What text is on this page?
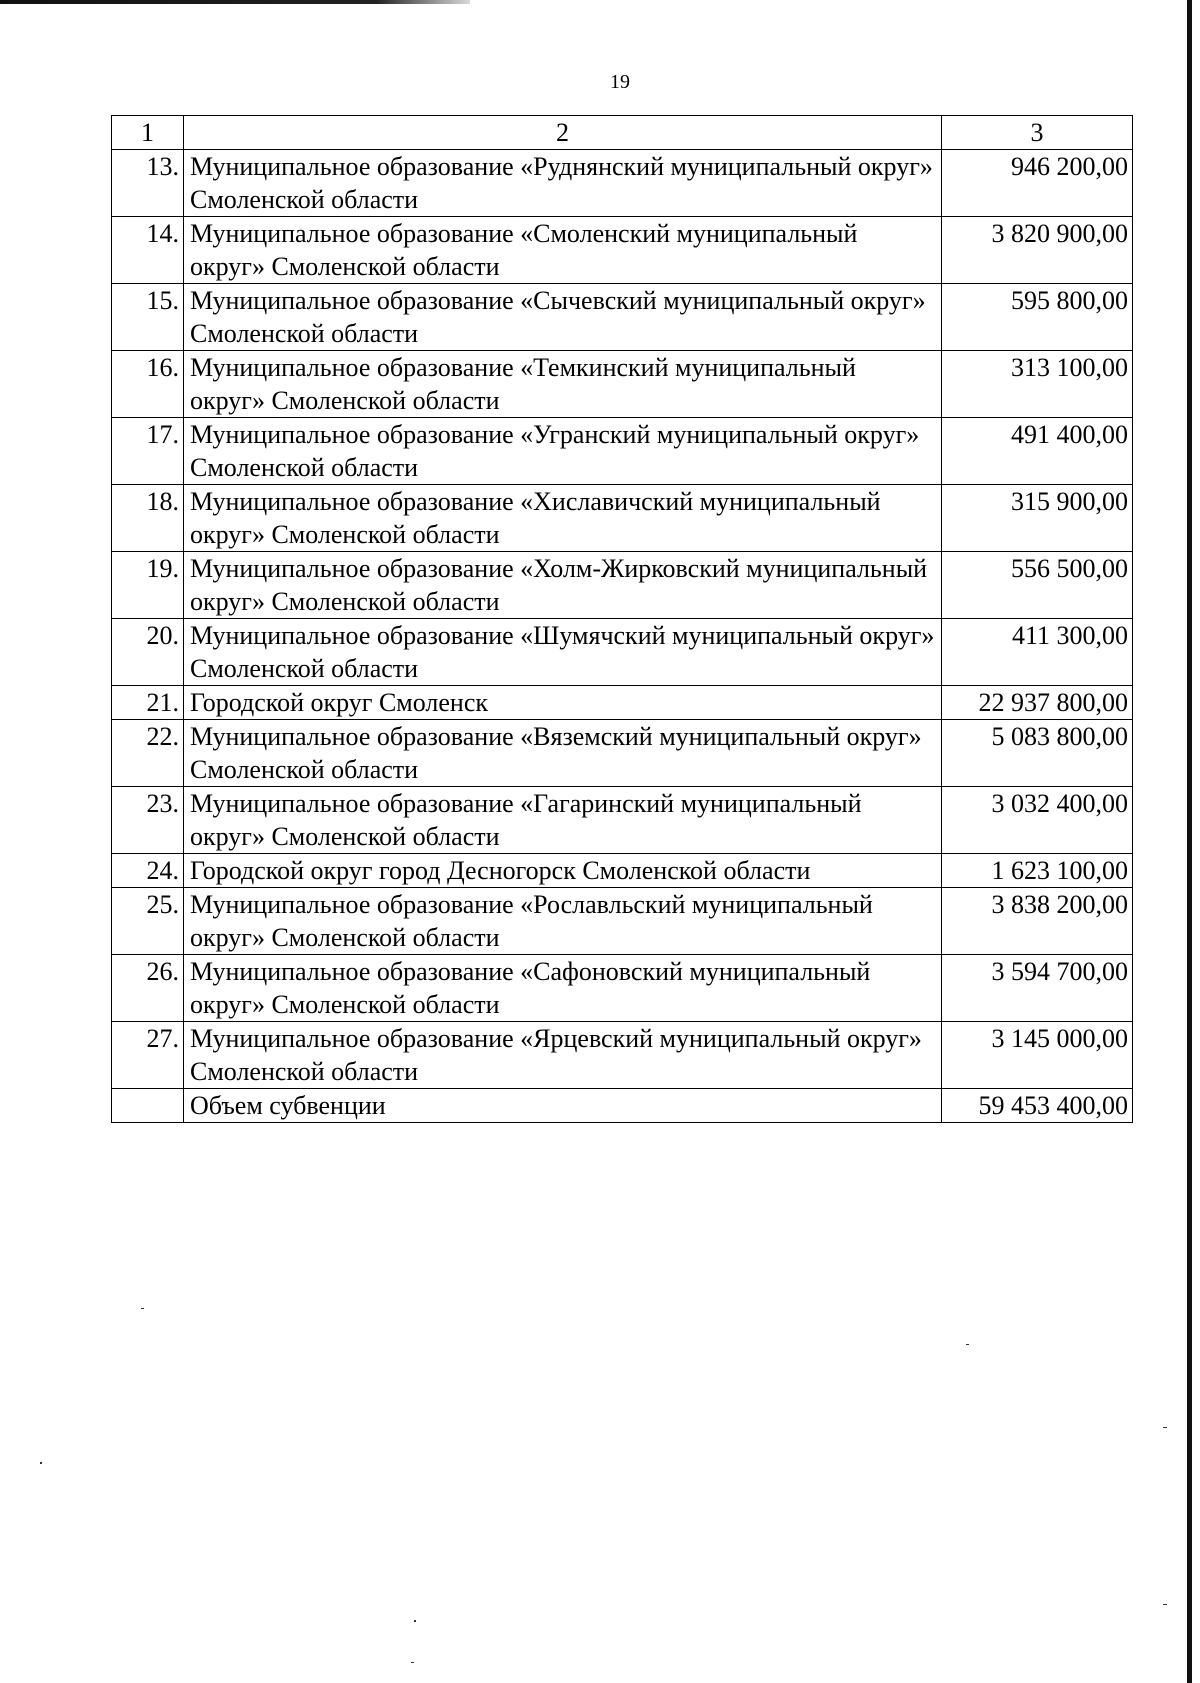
19
1	2	3
13.	Муниципальное образование «Руднянский муниципальный округ» Смоленской области	946 200,00
14.	Муниципальное образование «Смоленский муниципальный округ» Смоленской области	3 820 900,00
15.	Муниципальное образование «Сычевский муниципальный округ» Смоленской области	595 800,00
16.	Муниципальное образование «Темкинский муниципальный округ» Смоленской области	313 100,00
17.	Муниципальное образование «Угранский муниципальный округ» Смоленской области	491 400,00
18.	Муниципальное образование «Хиславичский муниципальный округ» Смоленской области	315 900,00
19.	Муниципальное образование «Холм-Жирковский муниципальный округ» Смоленской области	556 500,00
20.	Муниципальное образование «Шумячский муниципальный округ» Смоленской области	411 300,00
21.	Городской округ Смоленск	22 937 800,00
22.	Муниципальное образование «Вяземский муниципальный округ» Смоленской области	5 083 800,00
23.	Муниципальное образование «Гагаринский муниципальный округ» Смоленской области	3 032 400,00
24.	Городской округ город Десногорск Смоленской области	1 623 100,00
25.	Муниципальное образование «Рославльский муниципальный округ» Смоленской области	3 838 200,00
26.	Муниципальное образование «Сафоновский муниципальный округ» Смоленской области	3 594 700,00
27.	Муниципальное образование «Ярцевский муниципальный округ» Смоленской области	3 145 000,00
	Объем субвенции	59 453 400,00
